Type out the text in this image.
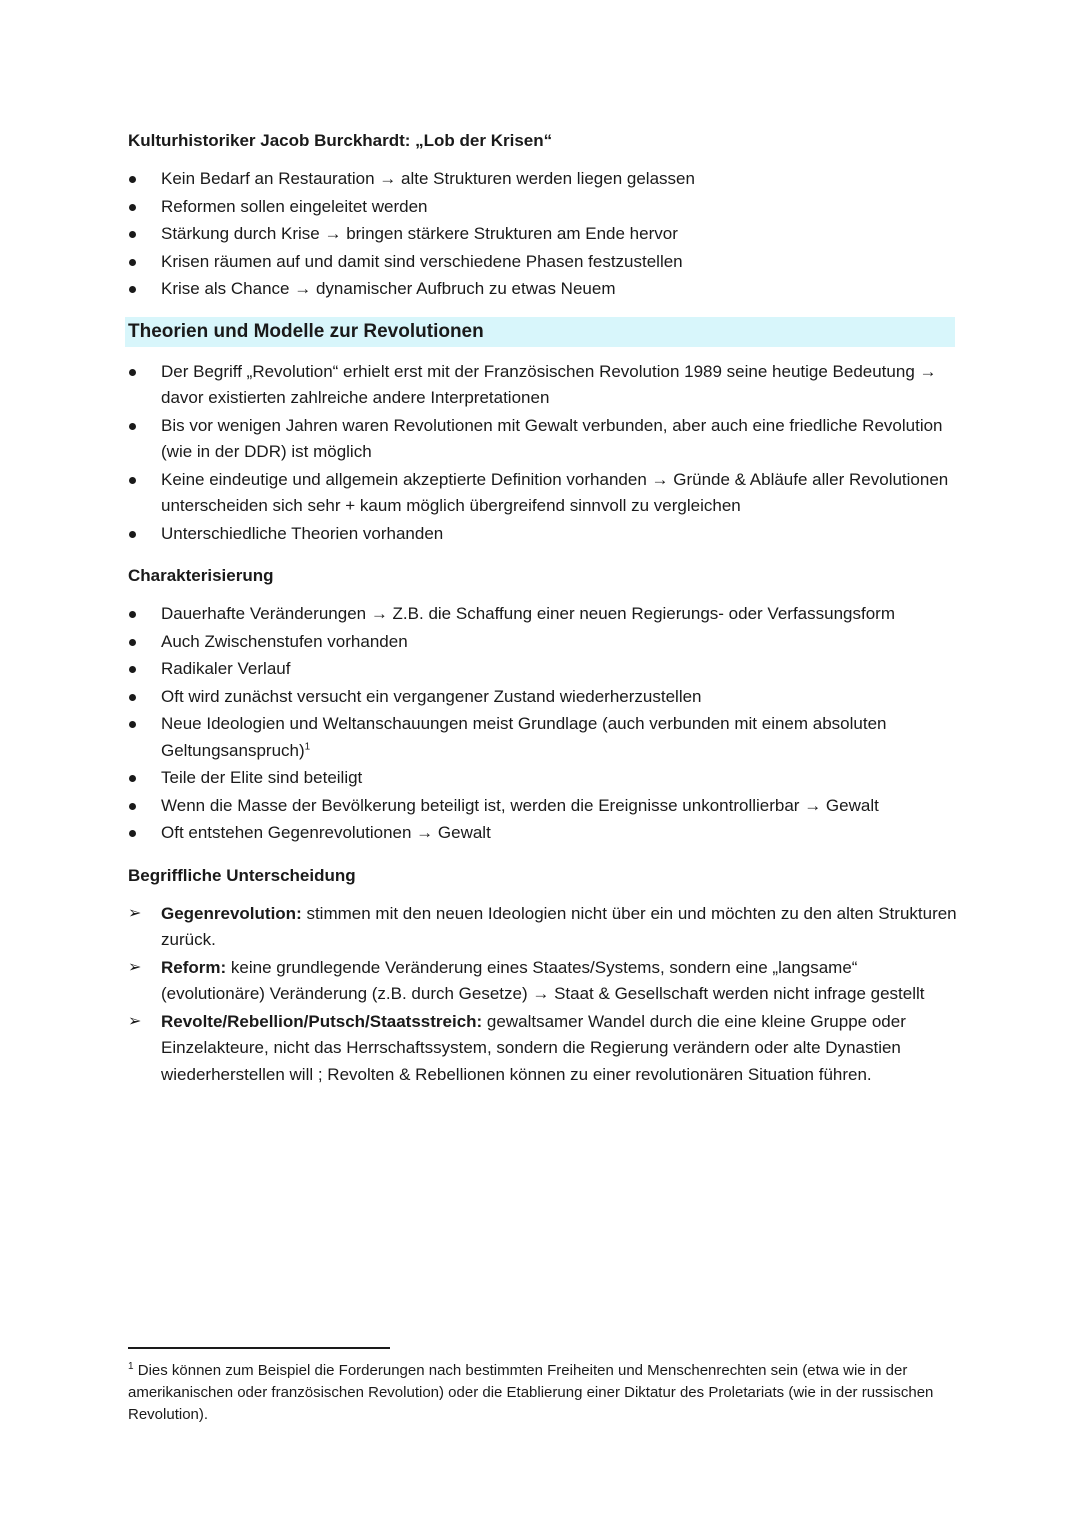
Kulturhistoriker Jacob Burckhardt: „Lob der Krisen“

Kein Bedarf an Restauration → alte Strukturen werden liegen gelassen
Reformen sollen eingeleitet werden
Stärkung durch Krise → bringen stärkere Strukturen am Ende hervor
Krisen räumen auf und damit sind verschiedene Phasen festzustellen
Krise als Chance → dynamischer Aufbruch zu etwas Neuem
Theorien und Modelle zur Revolutionen
Der Begriff „Revolution“ erhielt erst mit der Französischen Revolution 1989 seine heutige Bedeutung → davor existierten zahlreiche andere Interpretationen
Bis vor wenigen Jahren waren Revolutionen mit Gewalt verbunden, aber auch eine friedliche Revolution (wie in der DDR) ist möglich
Keine eindeutige und allgemein akzeptierte Definition vorhanden → Gründe & Abläufe aller Revolutionen unterscheiden sich sehr + kaum möglich übergreifend sinnvoll zu vergleichen
Unterschiedliche Theorien vorhanden

Charakterisierung

Dauerhafte Veränderungen → Z.B. die Schaffung einer neuen Regierungs- oder Verfassungsform
Auch Zwischenstufen vorhanden
Radikaler Verlauf
Oft wird zunächst versucht ein vergangener Zustand wiederherzustellen
Neue Ideologien und Weltanschauungen meist Grundlage (auch verbunden mit einem absoluten Geltungsanspruch)$^1$
Teile der Elite sind beteiligt
Wenn die Masse der Bevölkerung beteiligt ist, werden die Ereignisse unkontrollierbar → Gewalt
Oft entstehen Gegenrevolutionen → Gewalt

Begriffliche Unterscheidung

➢	Gegenrevolution: stimmen mit den neuen Ideologien nicht über ein und möchten zu den alten Strukturen zurück.
➢	Reform: keine grundlegende Veränderung eines Staates/Systems, sondern eine „langsame“ (evolutionäre) Veränderung (z.B. durch Gesetze) → Staat & Gesellschaft werden nicht infrage gestellt
➢	Revolte/Rebellion/Putsch/Staatsstreich: gewaltsamer Wandel durch die eine kleine Gruppe oder Einzelakteure, nicht das Herrschaftssystem, sondern die Regierung verändern oder alte Dynastien wiederherstellen will ; Revolten & Rebellionen können zu einer revolutionären Situation führen.
$^1$ Dies können zum Beispiel die Forderungen nach bestimmten Freiheiten und Menschenrechten sein (etwa wie in der amerikanischen oder französischen Revolution) oder die Etablierung einer Diktatur des Proletariats (wie in der russischen Revolution).
